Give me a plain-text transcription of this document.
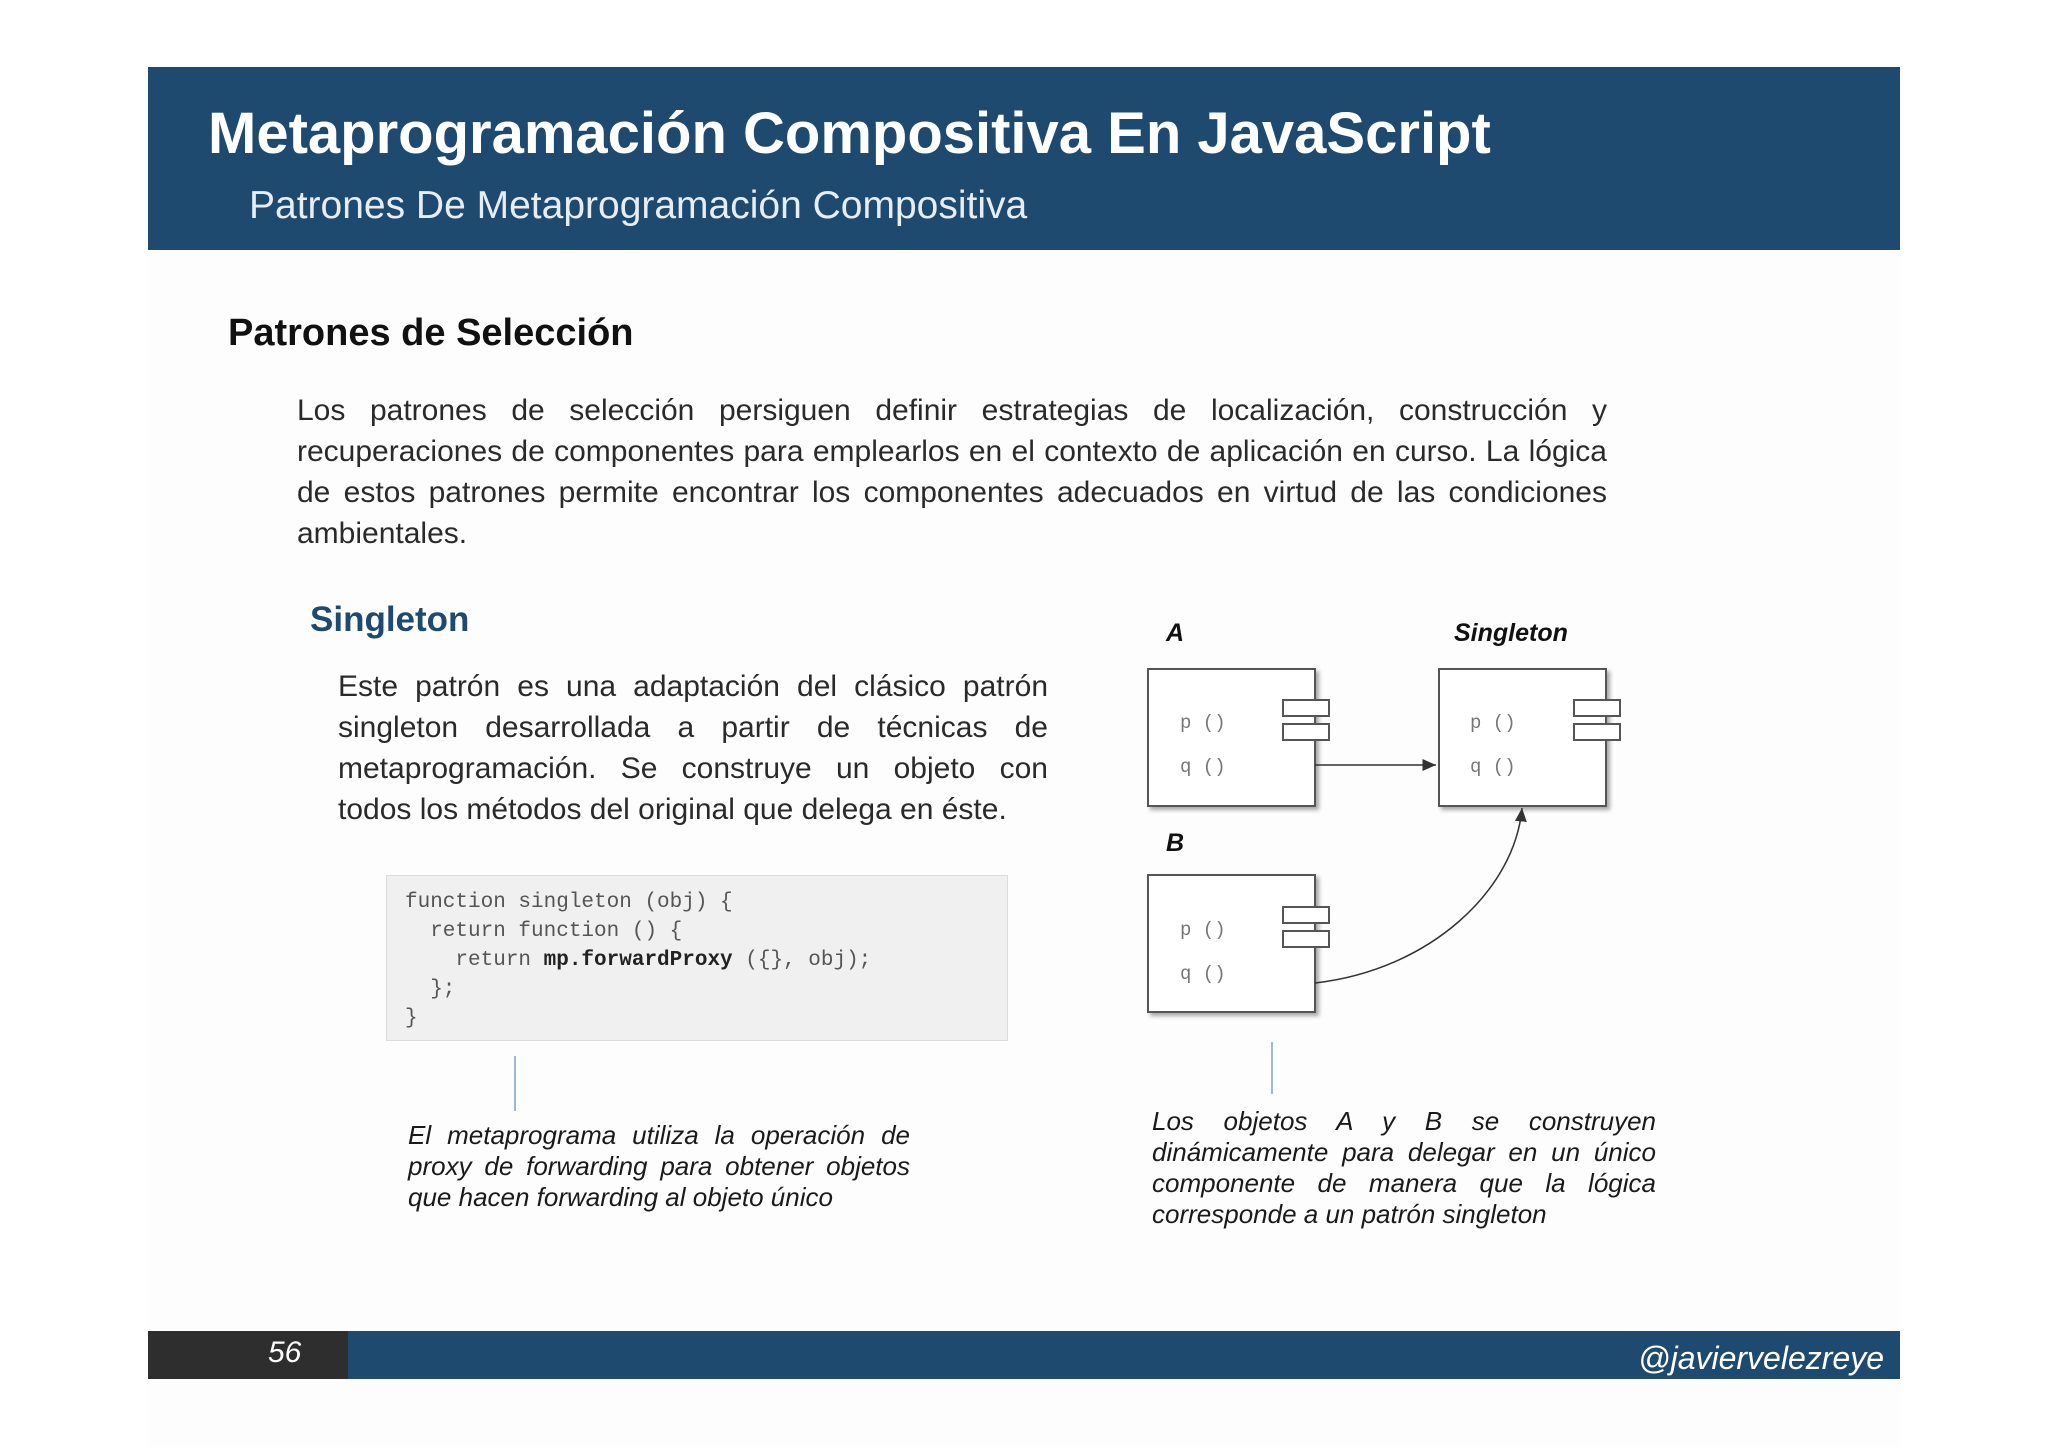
Metaprogramación Compositiva En JavaScript
Patrones De Metaprogramación Compositiva
Patrones de Selección
Los patrones de selección persiguen definir estrategias de localización, construcción y recuperaciones de componentes para emplearlos en el contexto de aplicación en curso. La lógica de estos patrones permite encontrar los componentes adecuados en virtud de las condiciones ambientales.
Singleton
Este patrón es una adaptación del clásico patrón singleton desarrollada a partir de técnicas de metaprogramación. Se construye un objeto con todos los métodos del original que delega en éste.
function singleton (obj) {
return function () {
return mp.forwardProxy ({}, obj);
};
}
El metaprograma utiliza la operación de proxy de forwarding para obtener objetos que hacen forwarding al objeto único
A	Singleton
B
p ()
q ()
p ()
q ()
p ()
q ()
Los objetos A y B se construyen dinámicamente para delegar en un único componente de manera que la lógica corresponde a un patrón singleton
56	@javiervelezreye
